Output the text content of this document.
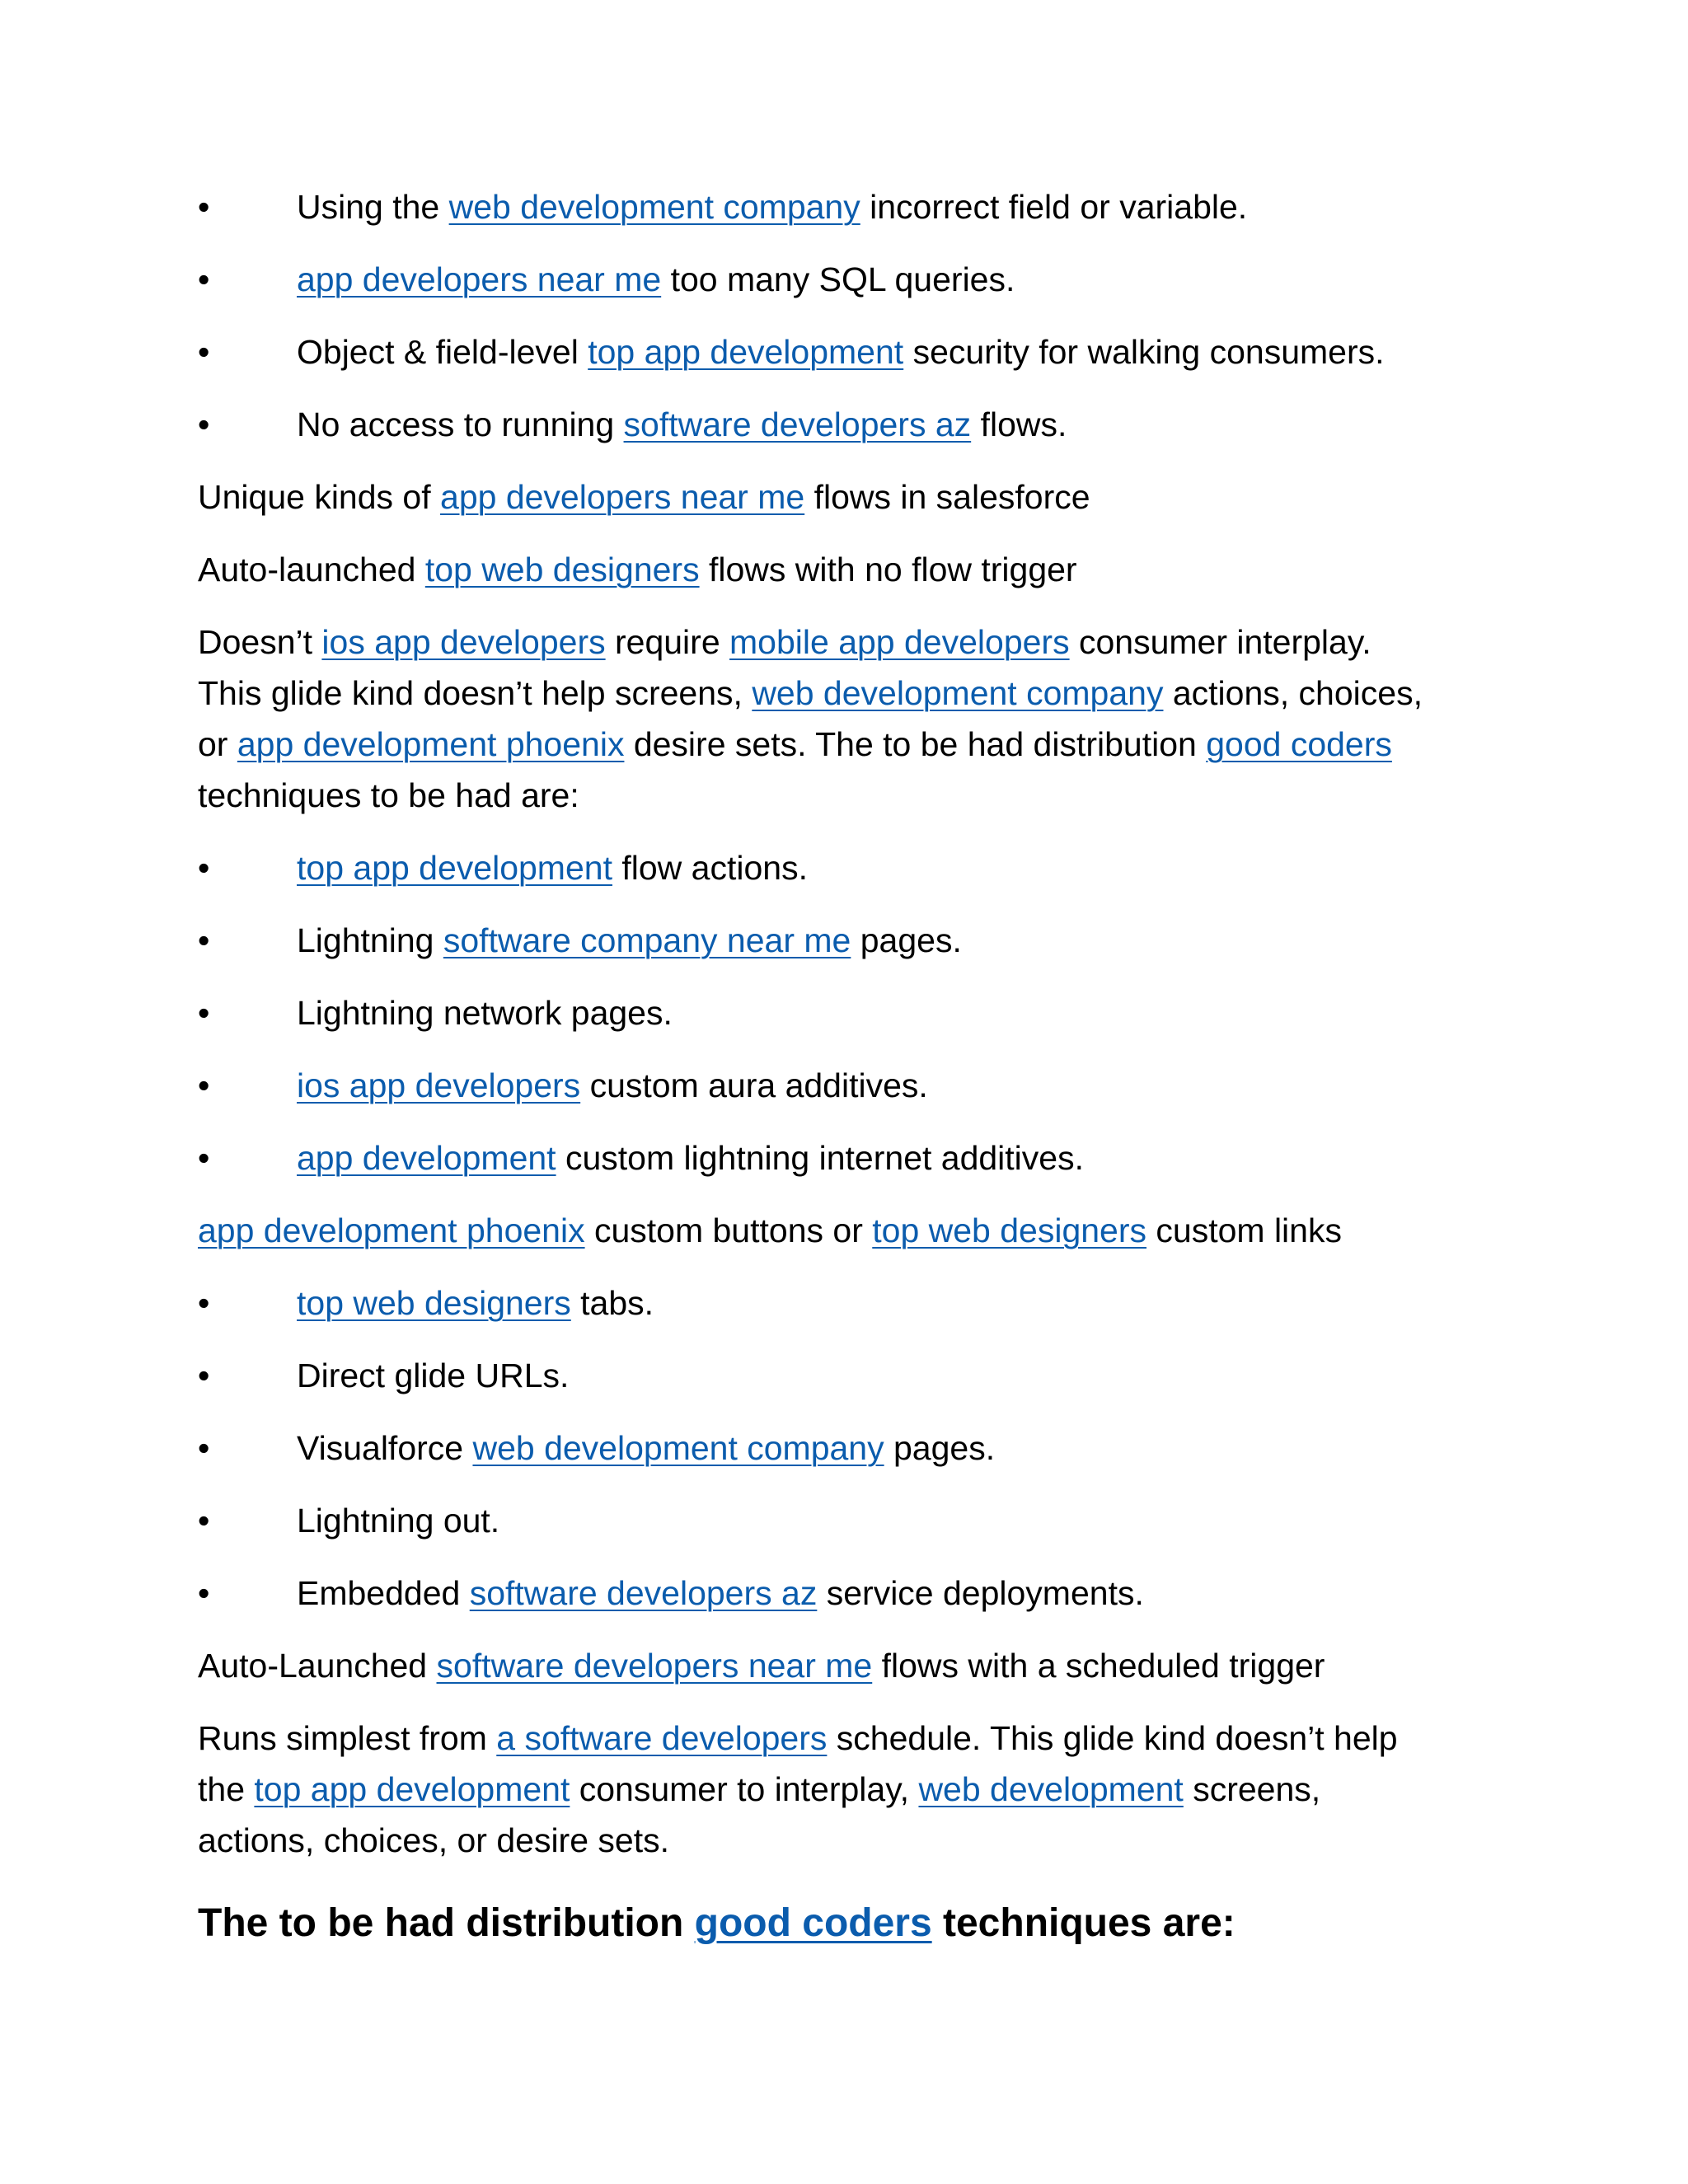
•	Using the web development company incorrect field or variable.
•	app developers near me too many SQL queries.
•	Object & field-level top app development security for walking consumers.
•	No access to running software developers az flows.
Unique kinds of app developers near me flows in salesforce
Auto-launched top web designers flows with no flow trigger
Doesn’t ios app developers require mobile app developers consumer interplay.
This glide kind doesn’t help screens, web development company actions, choices,
or app development phoenix desire sets. The to be had distribution good coders
techniques to be had are:
•	top app development flow actions.
•	Lightning software company near me pages.
•	Lightning network pages.
•	ios app developers custom aura additives.
•	app development custom lightning internet additives.
app development phoenix custom buttons or top web designers custom links
•	top web designers tabs.
•	Direct glide URLs.
•	Visualforce web development company pages.
•	Lightning out.
•	Embedded software developers az service deployments.
Auto-Launched software developers near me flows with a scheduled trigger
Runs simplest from a software developers schedule. This glide kind doesn’t help
the top app development consumer to interplay, web development screens,
actions, choices, or desire sets.
The to be had distribution good coders techniques are:
